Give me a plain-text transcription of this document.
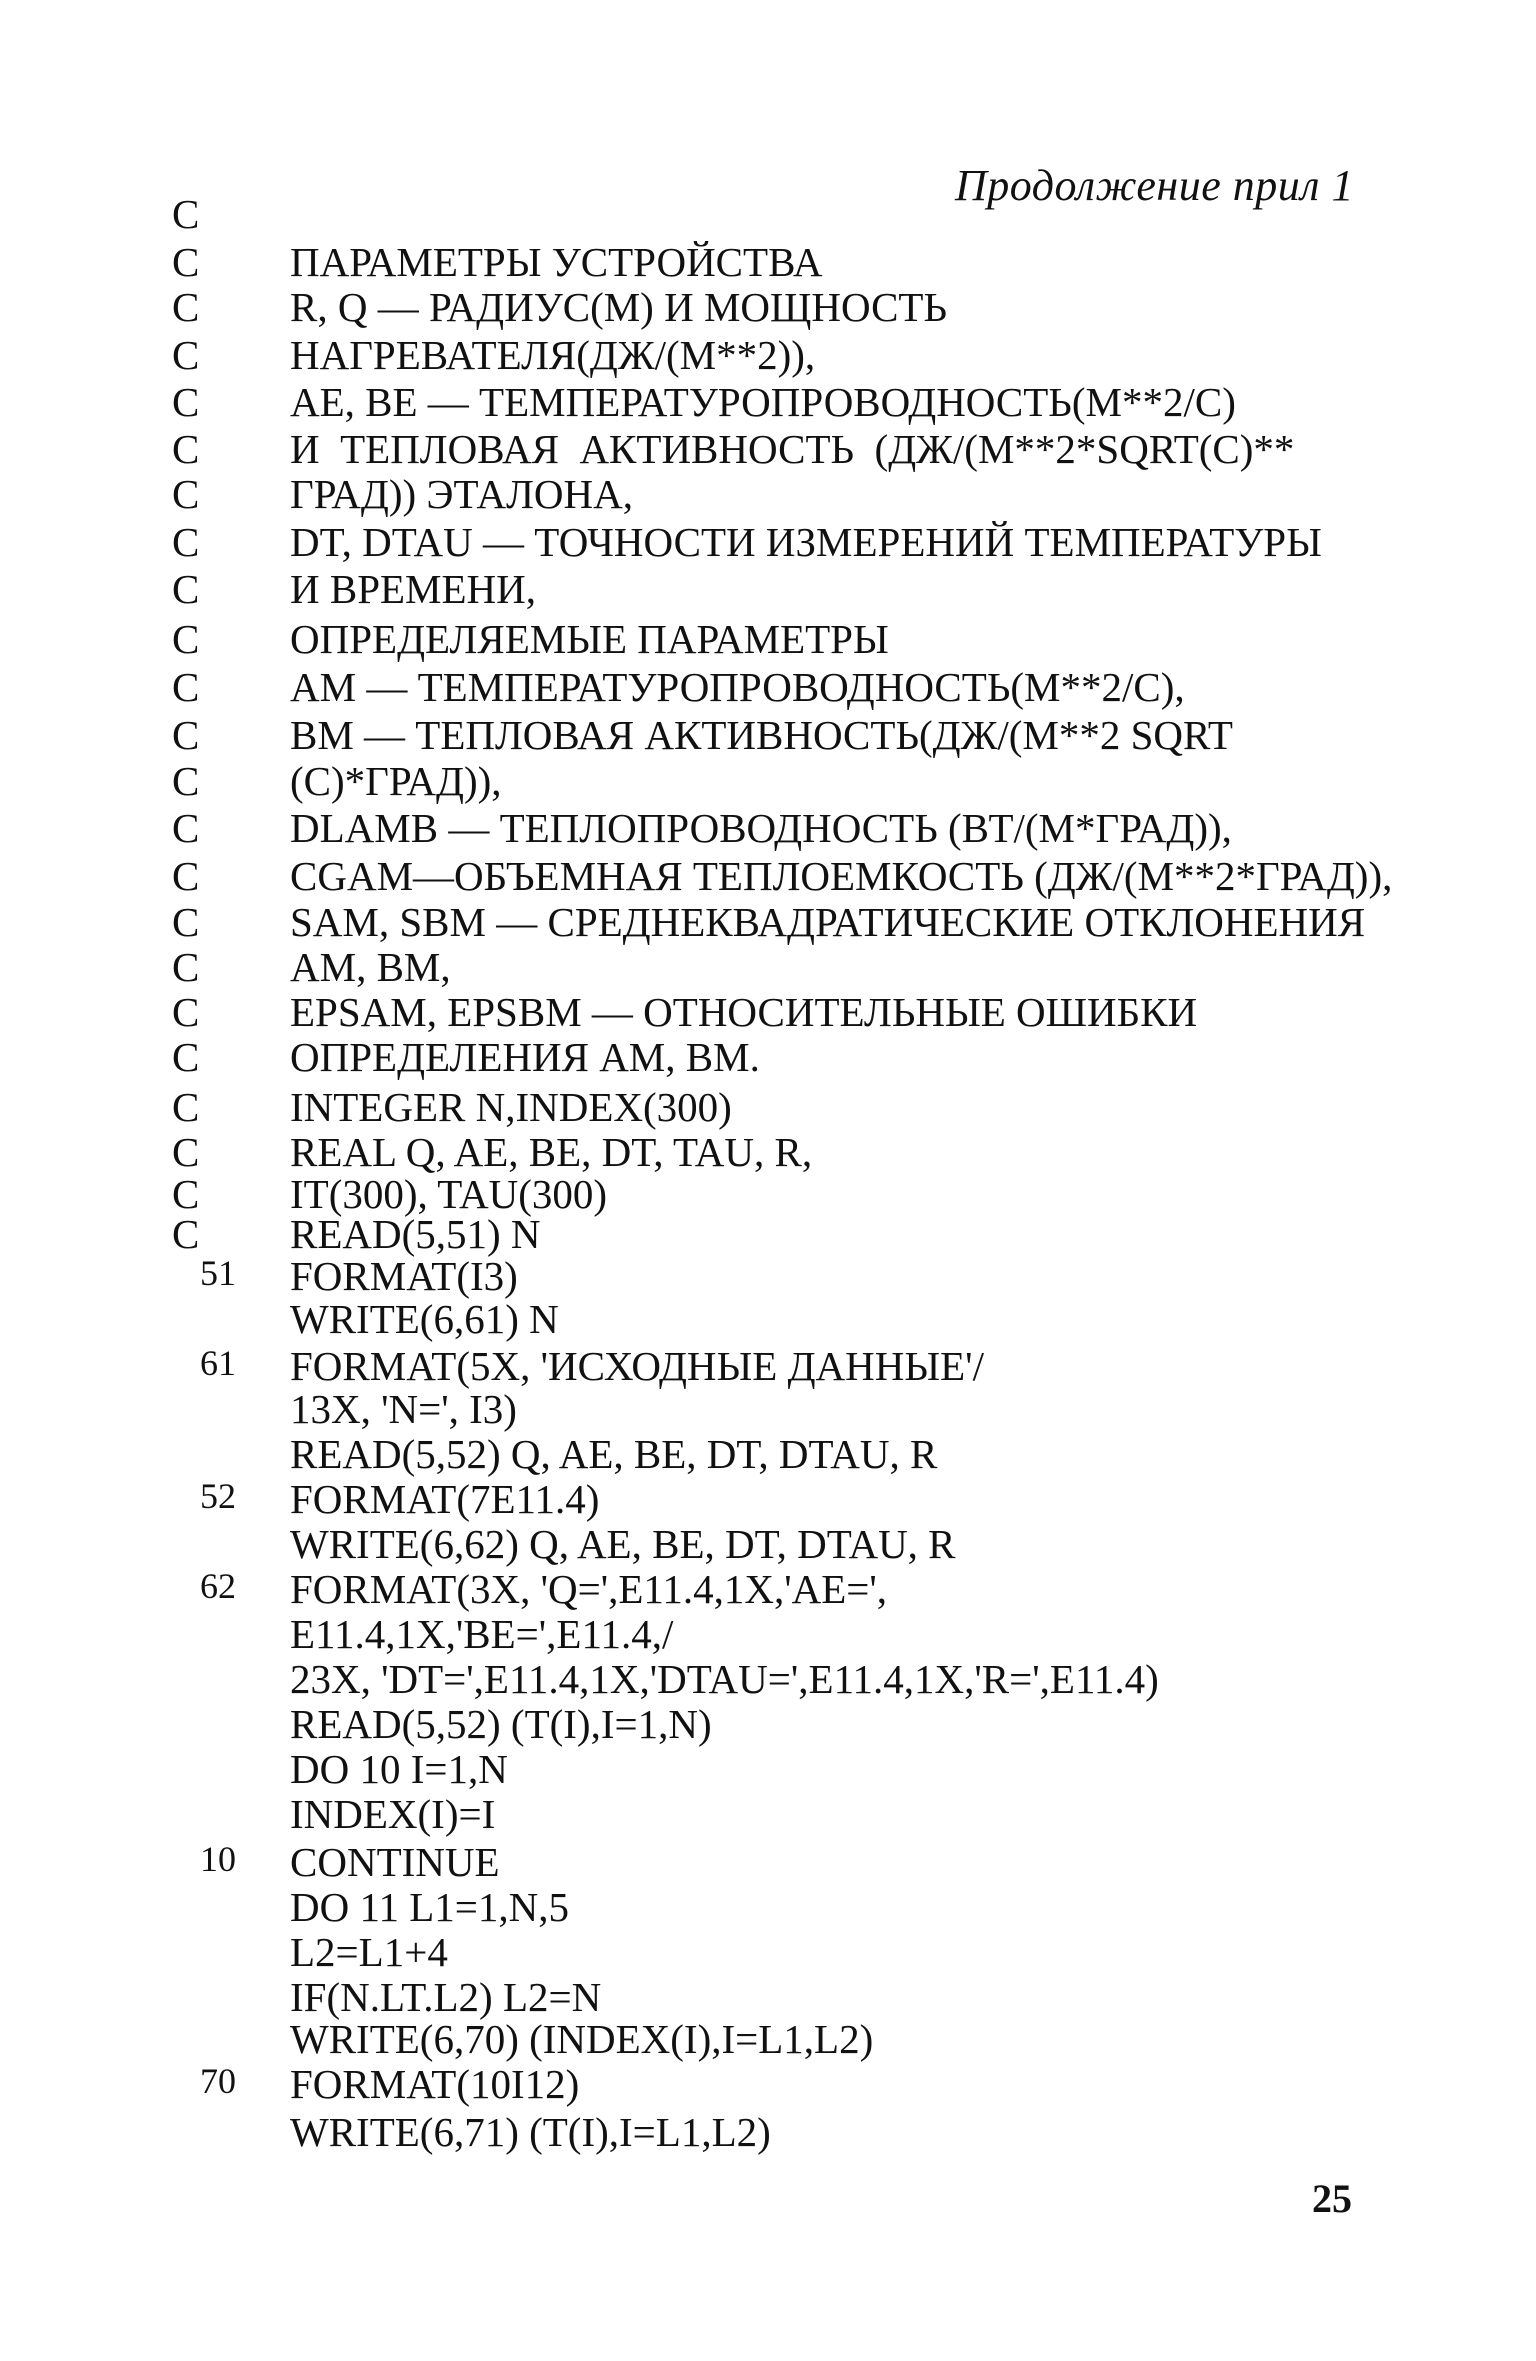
Продолжение прил 1
C
C	ПАРАМЕТРЫ УСТРОЙСТВА
C	R, Q — РАДИУС(М) И МОЩНОСТЬ
C	НАГРЕВАТЕЛЯ(ДЖ/(М**2)),
C	AE, BE — ТЕМПЕРАТУРОПРОВОДНОСТЬ(М**2/С)
C	И  ТЕПЛОВАЯ  АКТИВНОСТЬ  (ДЖ/(М**2*SQRT(С)**
C	ГРАД)) ЭТАЛОНА,
C	DT, DTAU — ТОЧНОСТИ ИЗМЕРЕНИЙ ТЕМПЕРАТУРЫ
C	И ВРЕМЕНИ,
C	ОПРЕДЕЛЯЕМЫЕ ПАРАМЕТРЫ
C	AM — ТЕМПЕРАТУРОПРОВОДНОСТЬ(М**2/С),
C	BM — ТЕПЛОВАЯ АКТИВНОСТЬ(ДЖ/(М**2 SQRT
C	(С)*ГРАД)),
C	DLAMB — ТЕПЛОПРОВОДНОСТЬ (ВТ/(М*ГРАД)),
C	CGAM—ОБЪЕМНАЯ ТЕПЛОЕМКОСТЬ (ДЖ/(М**2*ГРАД)),
C	SAM, SBM — СРЕДНЕКВАДРАТИЧЕСКИЕ ОТКЛОНЕНИЯ
C	AM, BM,
C	EPSAM, EPSBM — ОТНОСИТЕЛЬНЫЕ ОШИБКИ
C	ОПРЕДЕЛЕНИЯ AM, BM.
C	INTEGER N,INDEX(300)
C	REAL Q, AE, BE, DT, TAU, R,
C	IT(300), TAU(300)
C	READ(5,51) N
51	FORMAT(I3)
WRITE(6,61) N
61	FORMAT(5X, 'ИСХОДНЫЕ ДАННЫЕ'/
13X, 'N=', I3)
READ(5,52) Q, AE, BE, DT, DTAU, R
52	FORMAT(7E11.4)
WRITE(6,62) Q, AE, BE, DT, DTAU, R
62	FORMAT(3X, 'Q=',E11.4,1X,'AE=',
E11.4,1X,'BE=',E11.4,/
23X, 'DT=',E11.4,1X,'DTAU=',E11.4,1X,'R=',E11.4)
READ(5,52) (T(I),I=1,N)
DO 10 I=1,N
INDEX(I)=I
10	CONTINUE
DO 11 L1=1,N,5
L2=L1+4
IF(N.LT.L2) L2=N
WRITE(6,70) (INDEX(I),I=L1,L2)
70	FORMAT(10I12)
WRITE(6,71) (T(I),I=L1,L2)
25
